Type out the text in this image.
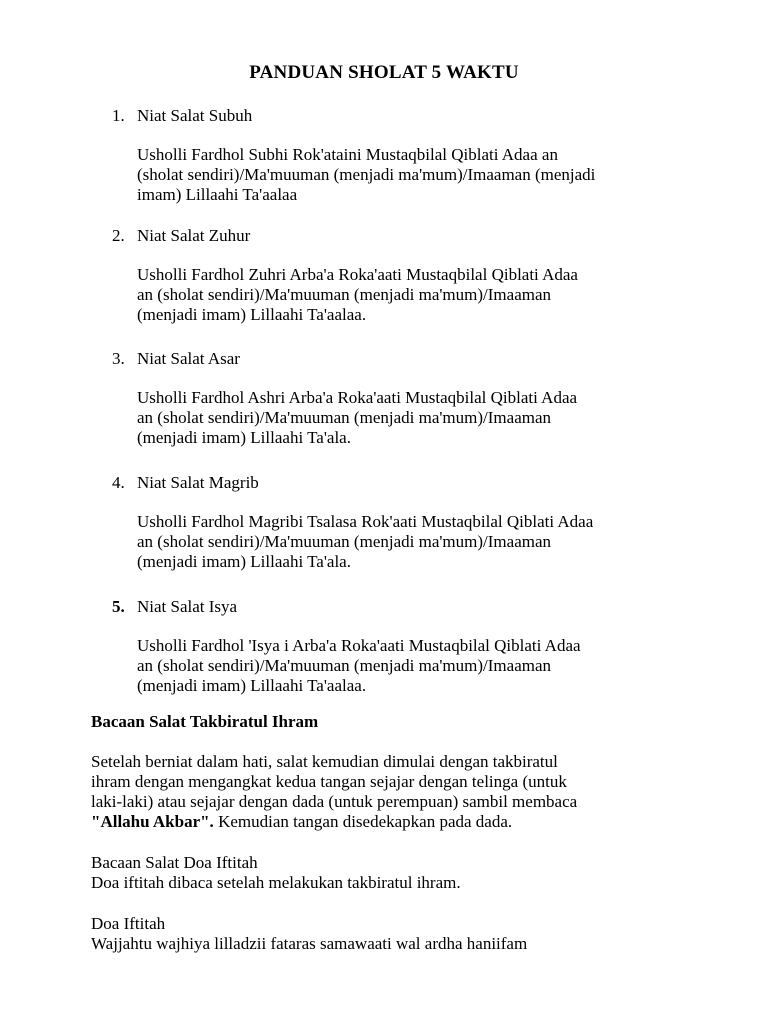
PANDUAN SHOLAT 5 WAKTU
1. Niat Salat Subuh

Usholli Fardhol Subhi Rok'ataini Mustaqbilal Qiblati Adaa an

(sholat sendiri)/Ma'muuman (menjadi ma'mum)/Imaaman (menjadi

imam) Lillaahi Ta'aalaa

2. Niat Salat Zuhur

Usholli Fardhol Zuhri Arba'a Roka'aati Mustaqbilal Qiblati Adaa

an (sholat sendiri)/Ma'muuman (menjadi ma'mum)/Imaaman

(menjadi imam) Lillaahi Ta'aalaa.

3. Niat Salat Asar

Usholli Fardhol Ashri Arba'a Roka'aati Mustaqbilal Qiblati Adaa

an (sholat sendiri)/Ma'muuman (menjadi ma'mum)/Imaaman

(menjadi imam) Lillaahi Ta'ala.

4. Niat Salat Magrib

Usholli Fardhol Magribi Tsalasa Rok'aati Mustaqbilal Qiblati Adaa

an (sholat sendiri)/Ma'muuman (menjadi ma'mum)/Imaaman

(menjadi imam) Lillaahi Ta'ala.

5. Niat Salat Isya

Usholli Fardhol 'Isya i Arba'a Roka'aati Mustaqbilal Qiblati Adaa

an (sholat sendiri)/Ma'muuman (menjadi ma'mum)/Imaaman

(menjadi imam) Lillaahi Ta'aalaa.

Bacaan Salat Takbiratul Ihram

Setelah berniat dalam hati, salat kemudian dimulai dengan takbiratul

ihram dengan mengangkat kedua tangan sejajar dengan telinga (untuk

laki-laki) atau sejajar dengan dada (untuk perempuan) sambil membaca

"Allahu Akbar". Kemudian tangan disedekapkan pada dada.

Bacaan Salat Doa Iftitah

Doa iftitah dibaca setelah melakukan takbiratul ihram.

Doa Iftitah

Wajjahtu wajhiya lilladzii fataras samawaati wal ardha haniifam
